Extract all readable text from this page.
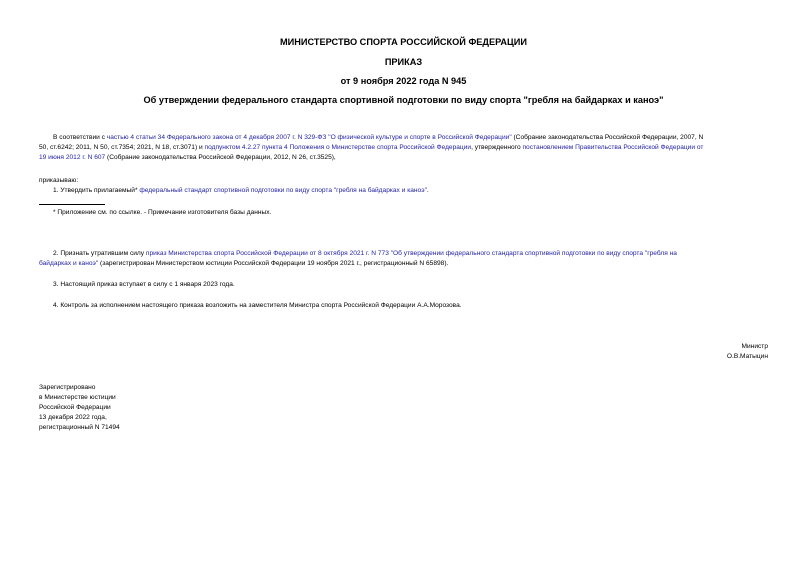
МИНИСТЕРСТВО СПОРТА РОССИЙСКОЙ ФЕДЕРАЦИИ
ПРИКАЗ
от 9 ноября 2022 года N 945
Об утверждении федерального стандарта спортивной подготовки по виду спорта "гребля на байдарках и каноэ"
В соответствии с частью 4 статьи 34 Федерального закона от 4 декабря 2007 г. N 329-ФЗ "О физической культуре и спорте в Российской Федерации" (Собрание законодательства Российской Федерации, 2007, N
50, ст.6242; 2011, N 50, ст.7354; 2021, N 18, ст.3071) и подпунктом 4.2.27 пункта 4 Положения о Министерстве спорта Российской Федерации, утвержденного постановлением Правительства Российской Федерации от
19 июня 2012 г. N 607 (Собрание законодательства Российской Федерации, 2012, N 26, ст.3525),
приказываю:
1. Утвердить прилагаемый* федеральный стандарт спортивной подготовки по виду спорта "гребля на байдарках и каноэ".
* Приложение см. по ссылке. - Примечание изготовителя базы данных.
2. Признать утратившим силу приказ Министерства спорта Российской Федерации от 8 октября 2021 г. N 773 "Об утверждении федерального стандарта спортивной подготовки по виду спорта "гребля на
байдарках и каноэ" (зарегистрирован Министерством юстиции Российской Федерации 19 ноября 2021 г., регистрационный N 65898).
3. Настоящий приказ вступает в силу с 1 января 2023 года.
4. Контроль за исполнением настоящего приказа возложить на заместителя Министра спорта Российской Федерации А.А.Морозова.
Министр
О.В.Матыцин
Зарегистрировано
в Министерстве юстиции
Российской Федерации
13 декабря 2022 года,
регистрационный N 71494
